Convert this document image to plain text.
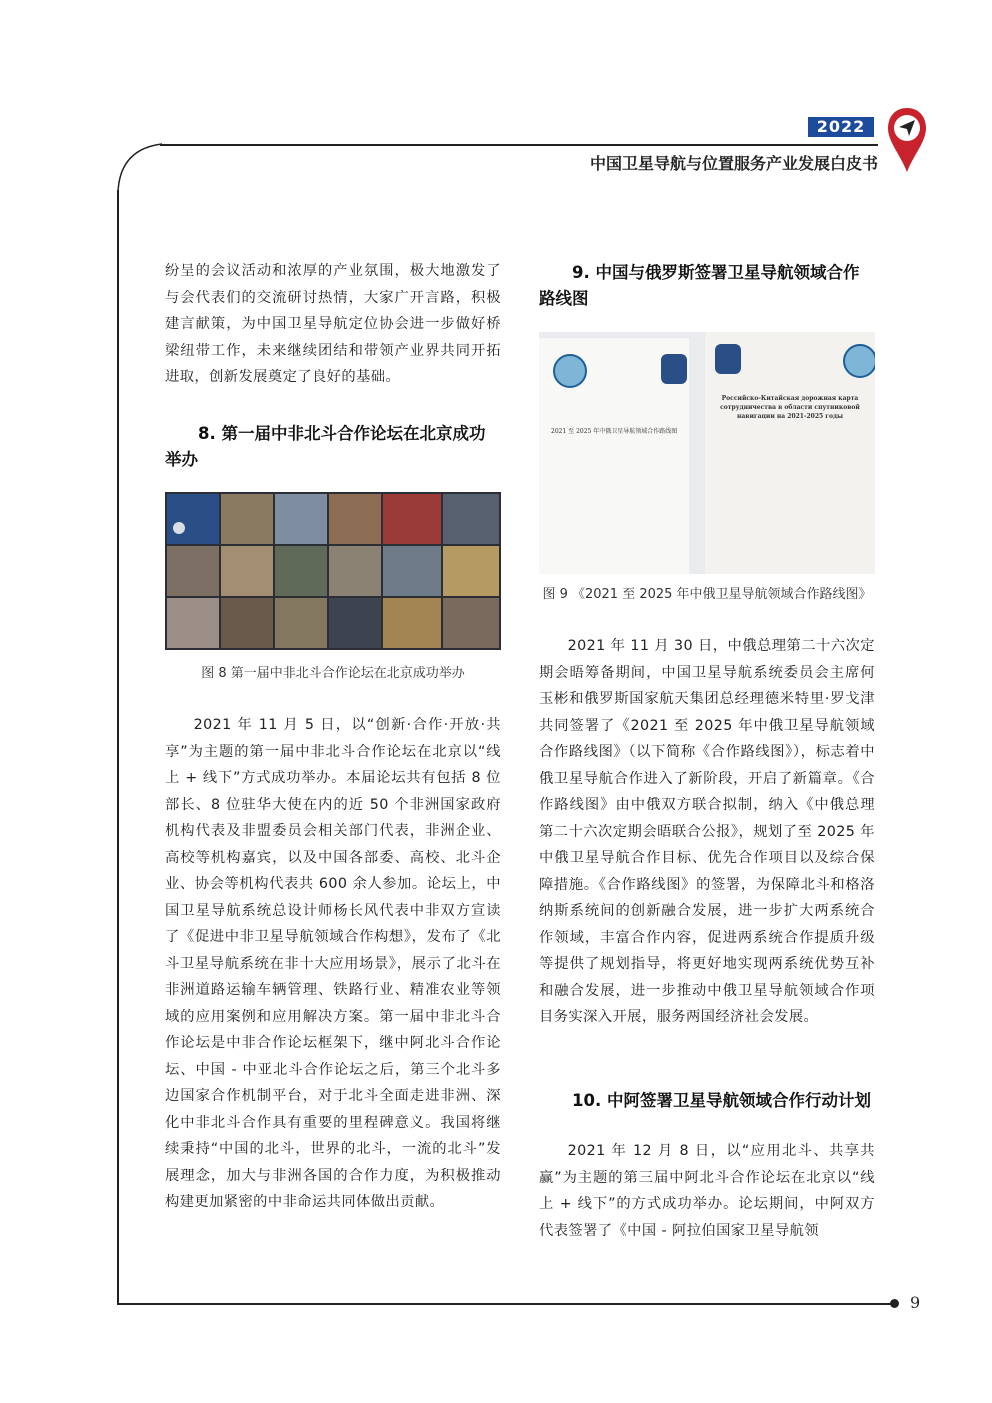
2022
中国卫星导航与位置服务产业发展白皮书

纷呈的会议活动和浓厚的产业氛围，极大地激发了与会代表们的交流研讨热情，大家广开言路，积极建言献策，为中国卫星导航定位协会进一步做好桥梁纽带工作，未来继续团结和带领产业界共同开拓进取，创新发展奠定了良好的基础。

8. 第一届中非北斗合作论坛在北京成功举办

图 8 第一届中非北斗合作论坛在北京成功举办

2021 年 11 月 5 日，以“创新·合作·开放·共享”为主题的第一届中非北斗合作论坛在北京以“线上 + 线下”方式成功举办。本届论坛共有包括 8 位部长、8 位驻华大使在内的近 50 个非洲国家政府机构代表及非盟委员会相关部门代表，非洲企业、高校等机构嘉宾，以及中国各部委、高校、北斗企业、协会等机构代表共 600 余人参加。论坛上，中国卫星导航系统总设计师杨长风代表中非双方宣读了《促进中非卫星导航领域合作构想》，发布了《北斗卫星导航系统在非十大应用场景》，展示了北斗在非洲道路运输车辆管理、铁路行业、精准农业等领域的应用案例和应用解决方案。第一届中非北斗合作论坛是中非合作论坛框架下，继中阿北斗合作论坛、中国 - 中亚北斗合作论坛之后，第三个北斗多边国家合作机制平台，对于北斗全面走进非洲、深化中非北斗合作具有重要的里程碑意义。我国将继续秉持“中国的北斗，世界的北斗，一流的北斗”发展理念，加大与非洲各国的合作力度，为积极推动构建更加紧密的中非命运共同体做出贡献。

9. 中国与俄罗斯签署卫星导航领域合作路线图

2021 至 2025 年中俄卫星导航领域合作路线图
Российско-Китайская дорожная карта сотрудничества в области спутниковой навигации на 2021-2025 годы
图 9 《2021 至 2025 年中俄卫星导航领域合作路线图》

2021 年 11 月 30 日，中俄总理第二十六次定期会晤筹备期间，中国卫星导航系统委员会主席何玉彬和俄罗斯国家航天集团总经理德米特里·罗戈津共同签署了《2021 至 2025 年中俄卫星导航领域合作路线图》（以下简称《合作路线图》），标志着中俄卫星导航合作进入了新阶段，开启了新篇章。《合作路线图》由中俄双方联合拟制，纳入《中俄总理第二十六次定期会晤联合公报》，规划了至 2025 年中俄卫星导航合作目标、优先合作项目以及综合保障措施。《合作路线图》的签署，为保障北斗和格洛纳斯系统间的创新融合发展，进一步扩大两系统合作领域，丰富合作内容，促进两系统合作提质升级等提供了规划指导，将更好地实现两系统优势互补和融合发展，进一步推动中俄卫星导航领域合作项目务实深入开展，服务两国经济社会发展。

10. 中阿签署卫星导航领域合作行动计划

2021 年 12 月 8 日，以“应用北斗、共享共赢”为主题的第三届中阿北斗合作论坛在北京以“线上 + 线下”的方式成功举办。论坛期间，中阿双方代表签署了《中国 - 阿拉伯国家卫星导航领

9
